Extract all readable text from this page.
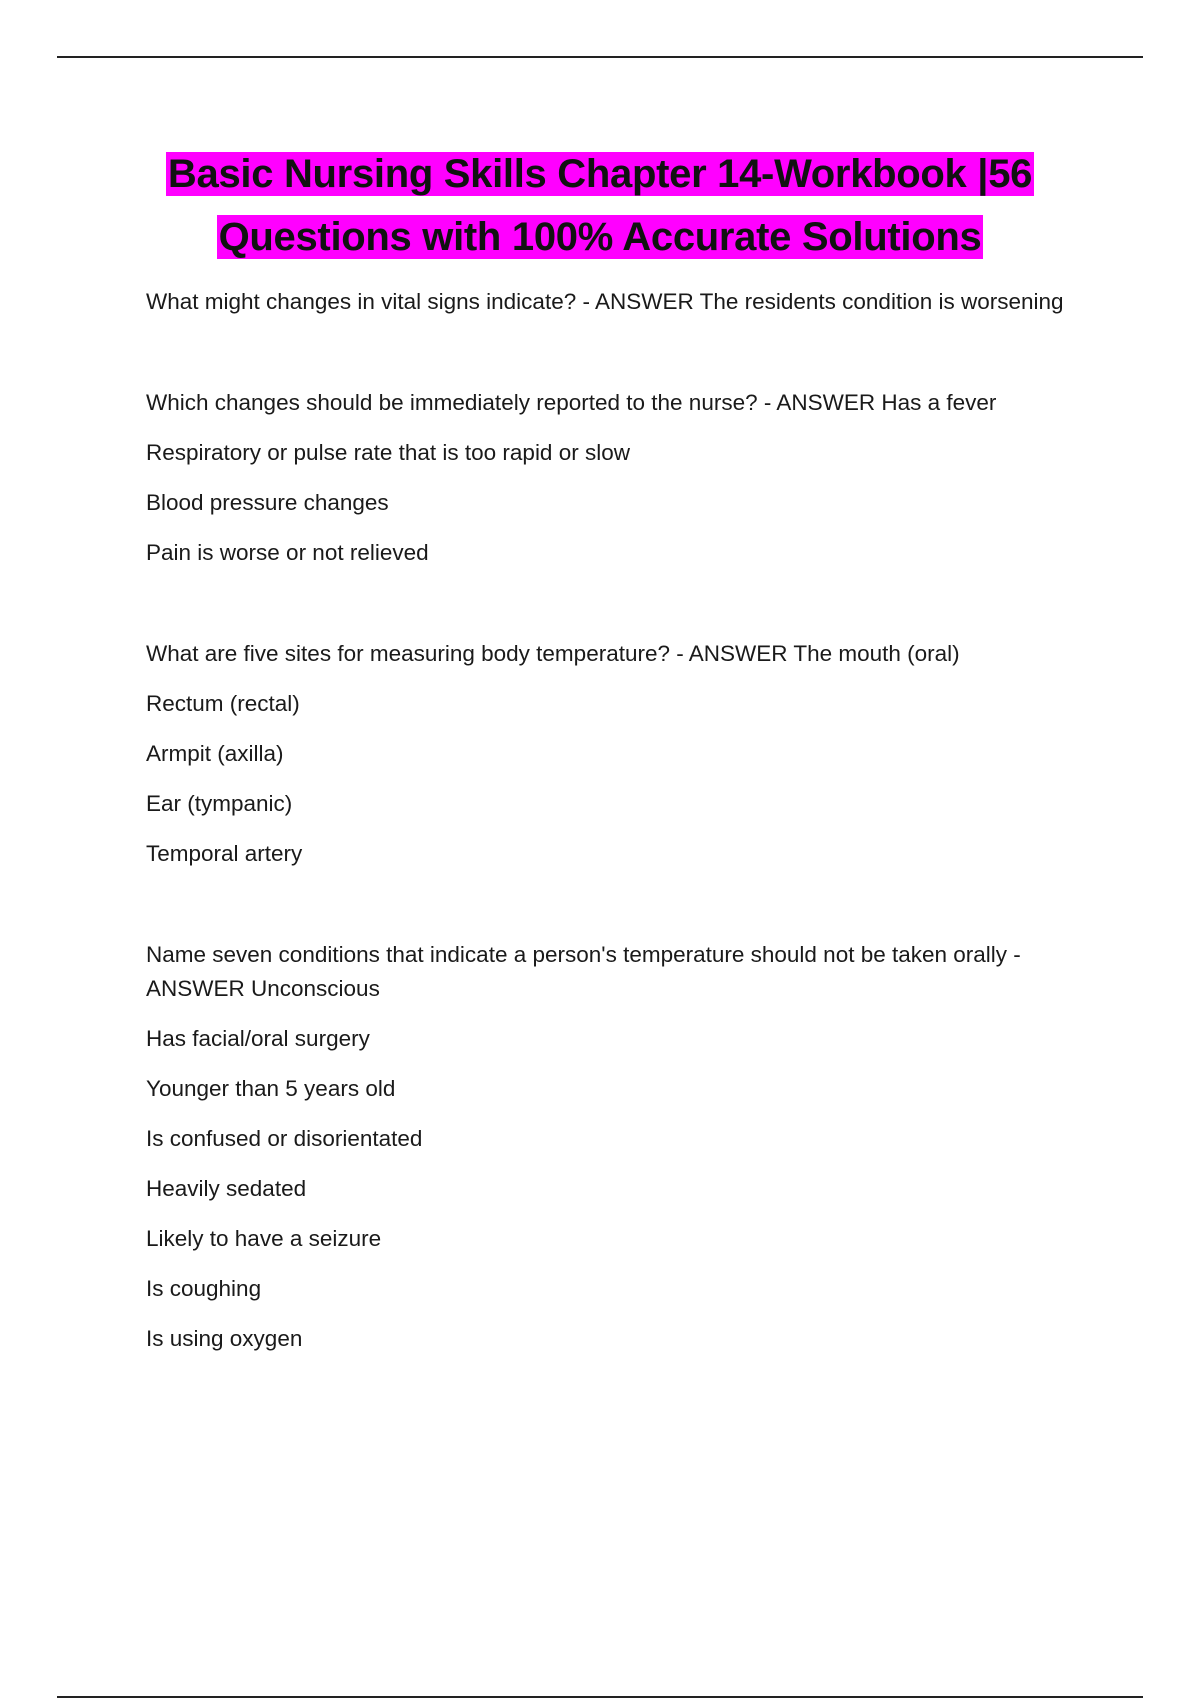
Basic Nursing Skills Chapter 14-Workbook |56
Questions with 100% Accurate Solutions

What might changes in vital signs indicate? - ANSWER The residents condition is worsening

Which changes should be immediately reported to the nurse? - ANSWER Has a fever

Respiratory or pulse rate that is too rapid or slow

Blood pressure changes

Pain is worse or not relieved

What are five sites for measuring body temperature? - ANSWER The mouth (oral)

Rectum (rectal)

Armpit (axilla)

Ear (tympanic)

Temporal artery

Name seven conditions that indicate a person's temperature should not be taken orally - ANSWER Unconscious

Has facial/oral surgery

Younger than 5 years old

Is confused or disorientated

Heavily sedated

Likely to have a seizure

Is coughing

Is using oxygen
